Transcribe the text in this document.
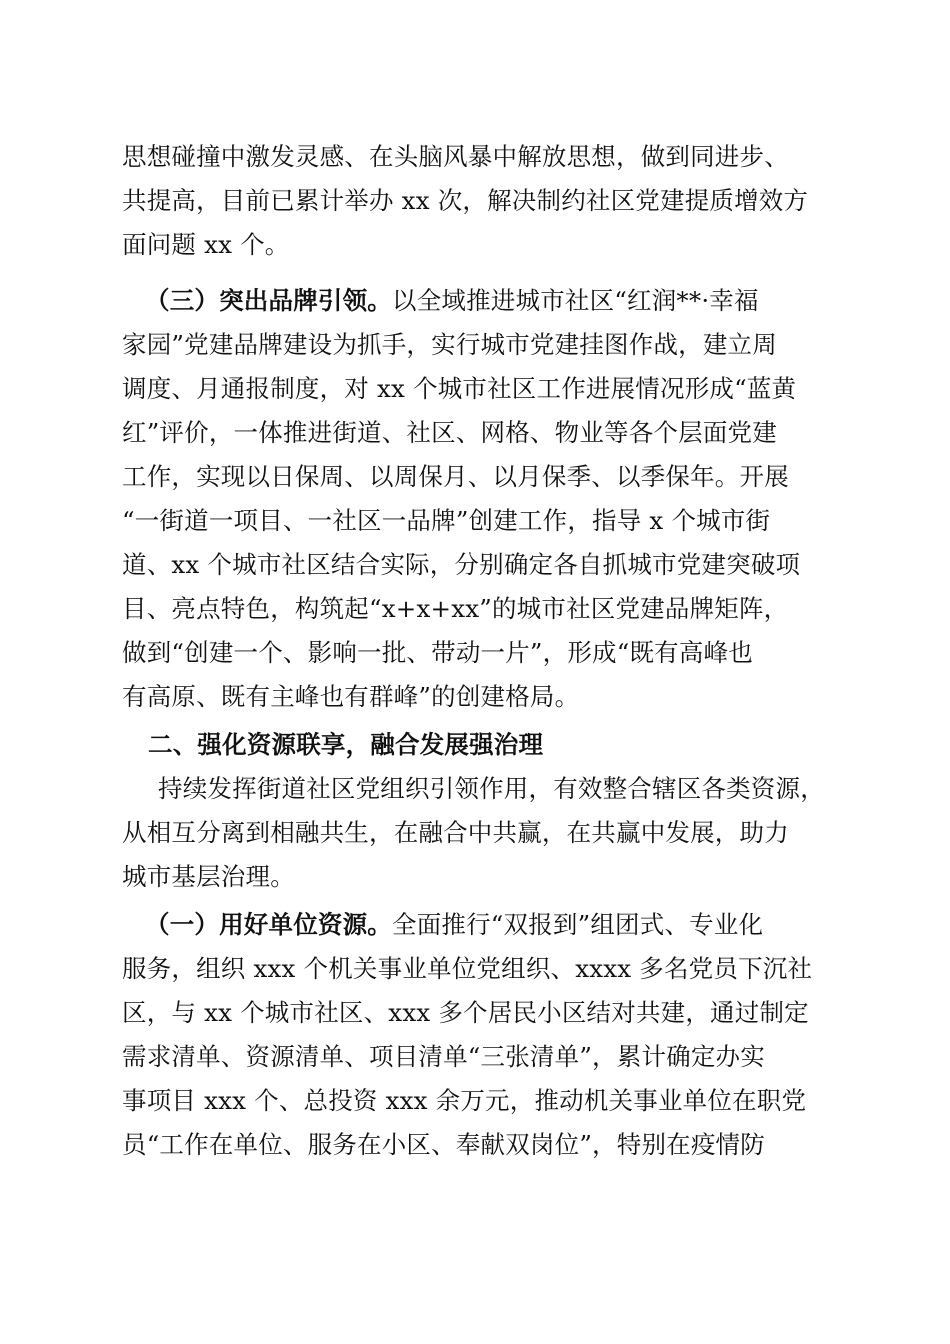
思想碰撞中激发灵感、在头脑风暴中解放思想，做到同进步、
共提高，目前已累计举办 xx 次，解决制约社区党建提质增效方
面问题 xx 个。
（三）突出品牌引领。以全域推进城市社区“红润**·幸福
家园”党建品牌建设为抓手，实行城市党建挂图作战，建立周
调度、月通报制度，对 xx 个城市社区工作进展情况形成“蓝黄
红”评价，一体推进街道、社区、网格、物业等各个层面党建
工作，实现以日保周、以周保月、以月保季、以季保年。开展
“一街道一项目、一社区一品牌”创建工作，指导 x 个城市街
道、xx 个城市社区结合实际，分别确定各自抓城市党建突破项
目、亮点特色，构筑起“x+x+xx”的城市社区党建品牌矩阵，
做到“创建一个、影响一批、带动一片”，形成“既有高峰也
有高原、既有主峰也有群峰”的创建格局。
二、强化资源联享，融合发展强治理
持续发挥街道社区党组织引领作用，有效整合辖区各类资源，
从相互分离到相融共生，在融合中共赢，在共赢中发展，助力
城市基层治理。
（一）用好单位资源。全面推行“双报到”组团式、专业化
服务，组织 xxx 个机关事业单位党组织、xxxx 多名党员下沉社
区，与 xx 个城市社区、xxx 多个居民小区结对共建，通过制定
需求清单、资源清单、项目清单“三张清单”，累计确定办实
事项目 xxx 个、总投资 xxx 余万元，推动机关事业单位在职党
员“工作在单位、服务在小区、奉献双岗位”，特别在疫情防
